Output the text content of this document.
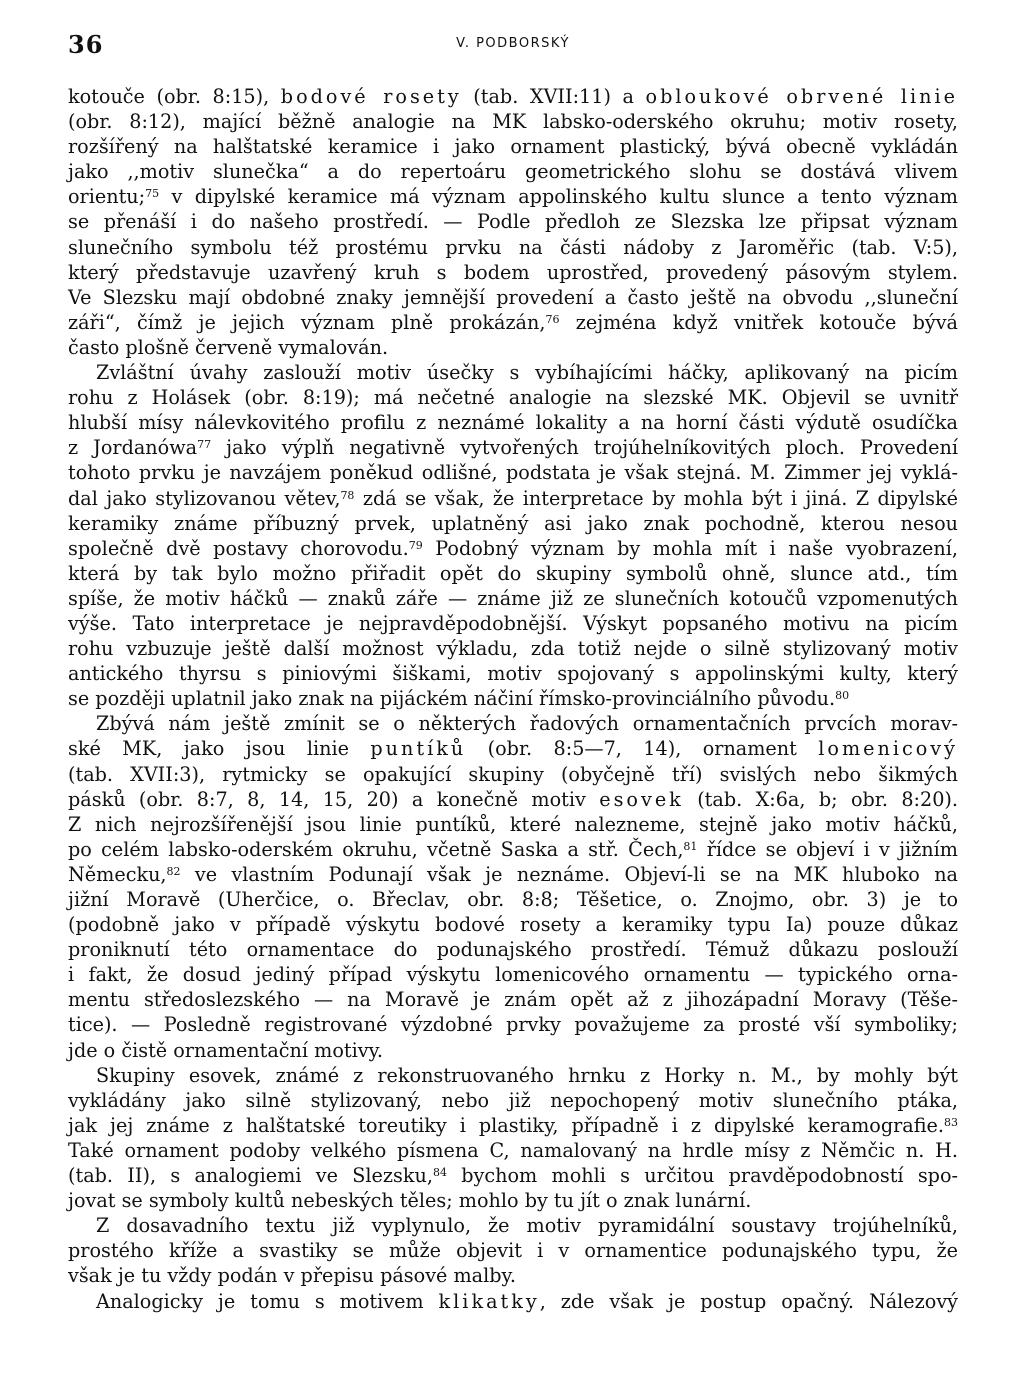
36	V. PODBORSKÝ

kotouče (obr. 8:15), bodové rosety (tab. XVII:11) a obloukové obrvené linie

(obr. 8:12), mající běžně analogie na MK labsko-oderského okruhu; motiv rosety,

rozšířený na halštatské keramice i jako ornament plastický, bývá obecně vykládán

jako ,,motiv slunečka“ a do repertoáru geometrického slohu se dostává vlivem

orientu;$^{75}$ v dipylské keramice má význam appolinského kultu slunce a tento význam

se přenáší i do našeho prostředí. — Podle předloh ze Slezska lze připsat význam

slunečního symbolu též prostému prvku na části nádoby z Jaroměřic (tab. V:5),

který představuje uzavřený kruh s bodem uprostřed, provedený pásovým stylem.

Ve Slezsku mají obdobné znaky jemnější provedení a často ještě na obvodu ,,sluneční

záři“, čímž je jejich význam plně prokázán,$^{76}$ zejména když vnitřek kotouče bývá

často plošně červeně vymalován.

Zvláštní úvahy zaslouží motiv úsečky s vybíhajícími háčky, aplikovaný na picím

rohu z Holásek (obr. 8:19); má nečetné analogie na slezské MK. Objevil se uvnitř

hlubší mísy nálevkovitého profilu z neznámé lokality a na horní části výdutě osudíčka

z Jordanówa$^{77}$ jako výplň negativně vytvořených trojúhelníkovitých ploch. Provedení

tohoto prvku je navzájem poněkud odlišné, podstata je však stejná. M. Zimmer jej vyklá-

dal jako stylizovanou větev,$^{78}$ zdá se však, že interpretace by mohla být i jiná. Z dipylské

keramiky známe příbuzný prvek, uplatněný asi jako znak pochodně, kterou nesou

společně dvě postavy chorovodu.$^{79}$ Podobný význam by mohla mít i naše vyobrazení,

která by tak bylo možno přiřadit opět do skupiny symbolů ohně, slunce atd., tím

spíše, že motiv háčků — znaků záře — známe již ze slunečních kotoučů vzpomenutých

výše. Tato interpretace je nejpravděpodobnější. Výskyt popsaného motivu na picím

rohu vzbuzuje ještě další možnost výkladu, zda totiž nejde o silně stylizovaný motiv

antického thyrsu s piniovými šiškami, motiv spojovaný s appolinskými kulty, který

se později uplatnil jako znak na pijáckém náčiní římsko-provinciálního původu.$^{80}$

Zbývá nám ještě zmínit se o některých řadových ornamentačních prvcích morav-

ské MK, jako jsou linie puntíků (obr. 8:5—7, 14), ornament lomenicový

(tab. XVII:3), rytmicky se opakující skupiny (obyčejně tří) svislých nebo šikmých

pásků (obr. 8:7, 8, 14, 15, 20) a konečně motiv esovek (tab. X:6a, b; obr. 8:20).

Z nich nejrozšířenější jsou linie puntíků, které nalezneme, stejně jako motiv háčků,

po celém labsko-oderském okruhu, včetně Saska a stř. Čech,$^{81}$ řídce se objeví i v jižním

Německu,$^{82}$ ve vlastním Podunají však je neznáme. Objeví-li se na MK hluboko na

jižní Moravě (Uherčice, o. Břeclav, obr. 8:8; Těšetice, o. Znojmo, obr. 3) je to

(podobně jako v případě výskytu bodové rosety a keramiky typu Ia) pouze důkaz

proniknutí této ornamentace do podunajského prostředí. Témuž důkazu poslouží

i fakt, že dosud jediný případ výskytu lomenicového ornamentu — typického orna-

mentu středoslezského — na Moravě je znám opět až z jihozápadní Moravy (Těše-

tice). — Posledně registrované výzdobné prvky považujeme za prosté vší symboliky;

jde o čistě ornamentační motivy.

Skupiny esovek, známé z rekonstruovaného hrnku z Horky n. M., by mohly být

vykládány jako silně stylizovaný, nebo již nepochopený motiv slunečního ptáka,

jak jej známe z halštatské toreutiky i plastiky, případně i z dipylské keramografie.$^{83}$

Také ornament podoby velkého písmena C, namalovaný na hrdle mísy z Němčic n. H.

(tab. II), s analogiemi ve Slezsku,$^{84}$ bychom mohli s určitou pravděpodobností spo-

jovat se symboly kultů nebeských těles; mohlo by tu jít o znak lunární.

Z dosavadního textu již vyplynulo, že motiv pyramidální soustavy trojúhelníků,

prostého kříže a svastiky se může objevit i v ornamentice podunajského typu, že

však je tu vždy podán v přepisu pásové malby.

Analogicky je tomu s motivem klikatky, zde však je postup opačný. Nálezový
